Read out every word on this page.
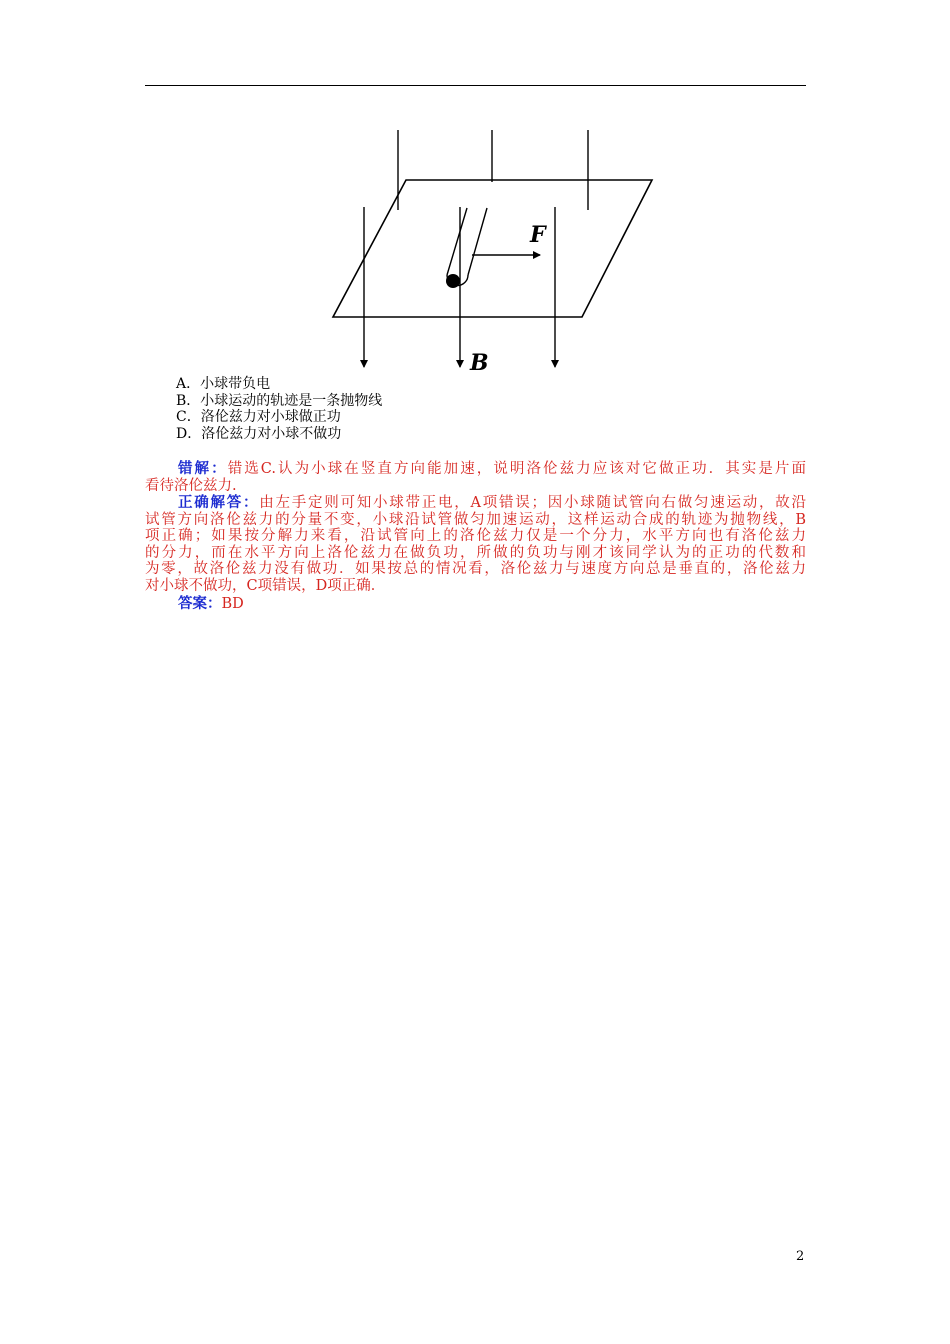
F
B
A．小球带负电
B．小球运动的轨迹是一条抛物线
C．洛伦兹力对小球做正功
D．洛伦兹力对小球不做功
错解：错选C.认为小球在竖直方向能加速，说明洛伦兹力应该对它做正功．其实是片面
看待洛伦兹力.
正确解答：由左手定则可知小球带正电，A项错误；因小球随试管向右做匀速运动，故沿
试管方向洛伦兹力的分量不变，小球沿试管做匀加速运动，这样运动合成的轨迹为抛物线，B
项正确；如果按分解力来看，沿试管向上的洛伦兹力仅是一个分力，水平方向也有洛伦兹力
的分力，而在水平方向上洛伦兹力在做负功，所做的负功与刚才该同学认为的正功的代数和
为零，故洛伦兹力没有做功．如果按总的情况看，洛伦兹力与速度方向总是垂直的，洛伦兹力
对小球不做功，C项错误，D项正确．
答案：BD
2
